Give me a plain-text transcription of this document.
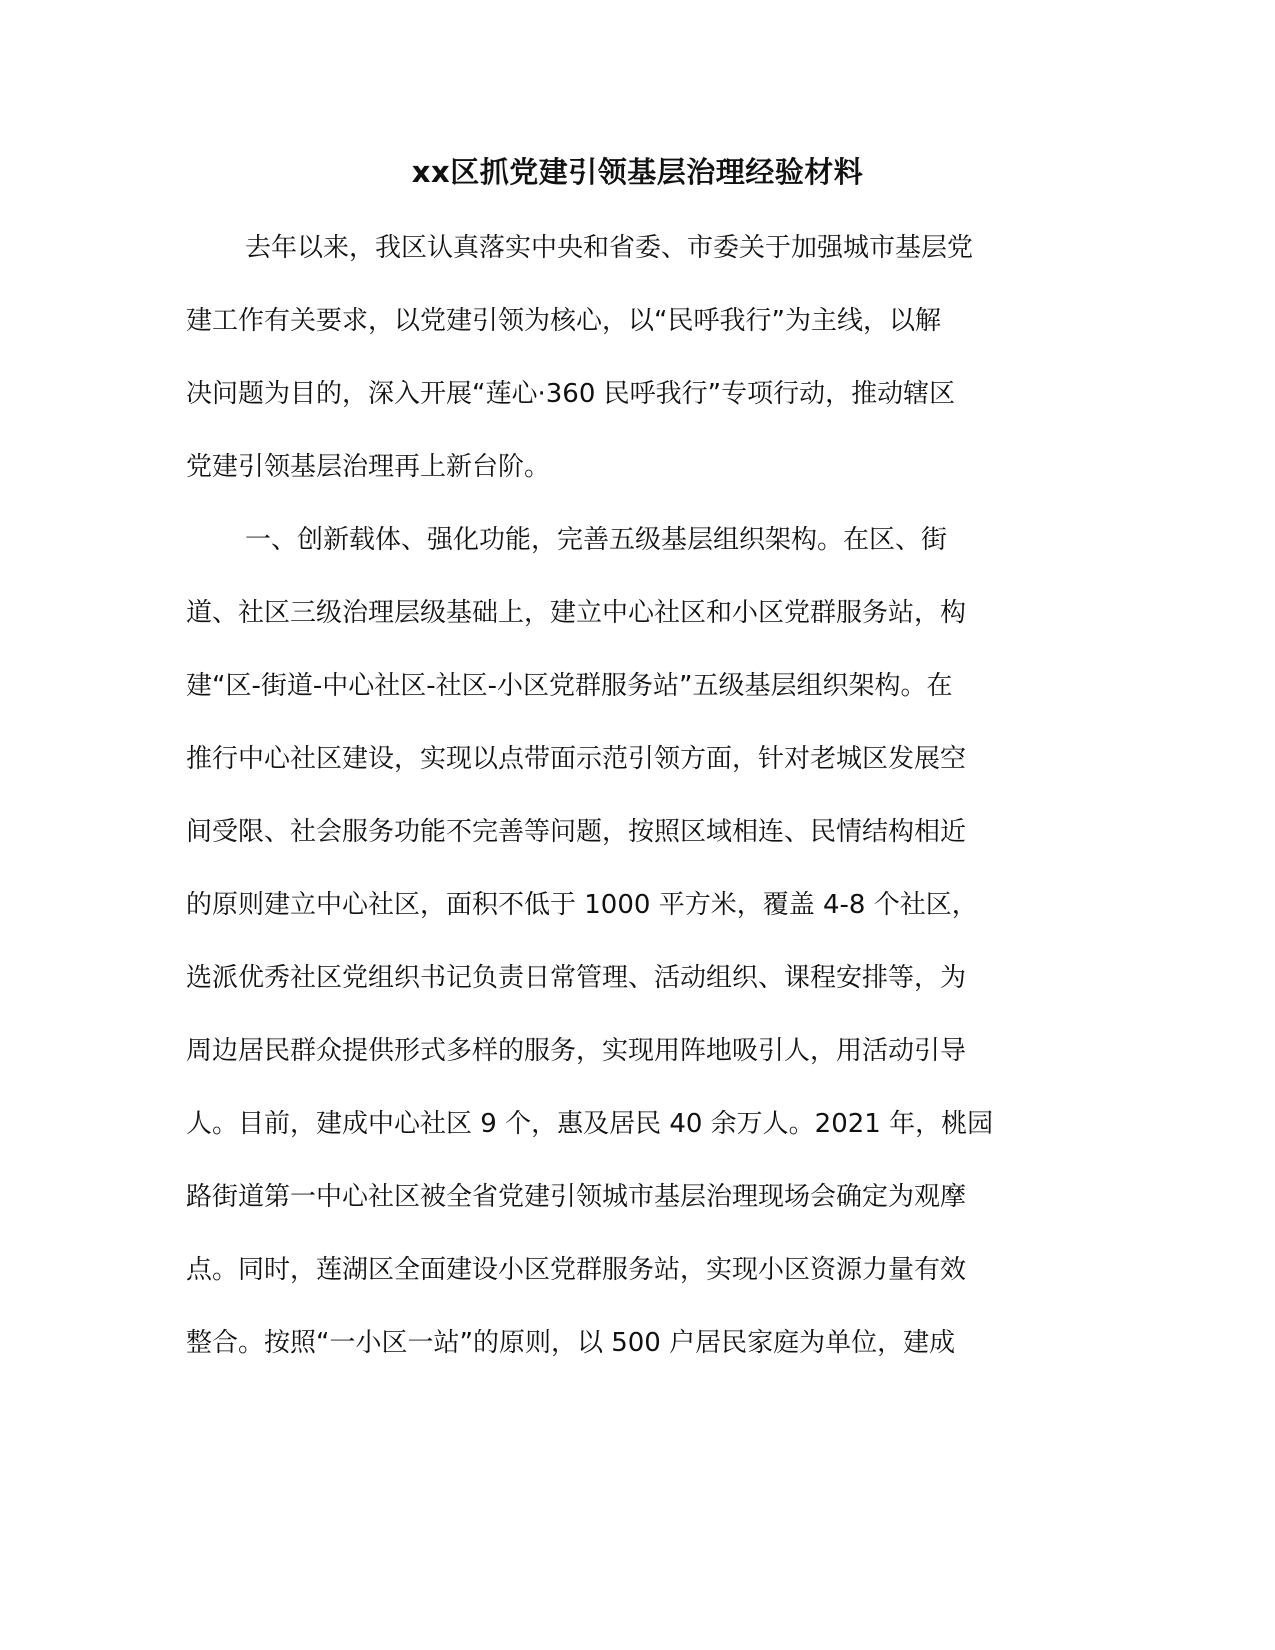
xx区抓党建引领基层治理经验材料

去年以来，我区认真落实中央和省委、市委关于加强城市基层党

建工作有关要求，以党建引领为核心，以“民呼我行”为主线，以解

决问题为目的，深入开展“莲心·360 民呼我行”专项行动，推动辖区

党建引领基层治理再上新台阶。

一、创新载体、强化功能，完善五级基层组织架构。在区、街

道、社区三级治理层级基础上，建立中心社区和小区党群服务站，构

建“区-街道-中心社区-社区-小区党群服务站”五级基层组织架构。在

推行中心社区建设，实现以点带面示范引领方面，针对老城区发展空

间受限、社会服务功能不完善等问题，按照区域相连、民情结构相近

的原则建立中心社区，面积不低于 1000 平方米，覆盖 4-8 个社区，

选派优秀社区党组织书记负责日常管理、活动组织、课程安排等，为

周边居民群众提供形式多样的服务，实现用阵地吸引人，用活动引导

人。目前，建成中心社区 9 个，惠及居民 40 余万人。2021 年，桃园

路街道第一中心社区被全省党建引领城市基层治理现场会确定为观摩

点。同时，莲湖区全面建设小区党群服务站，实现小区资源力量有效

整合。按照“一小区一站”的原则，以 500 户居民家庭为单位，建成
